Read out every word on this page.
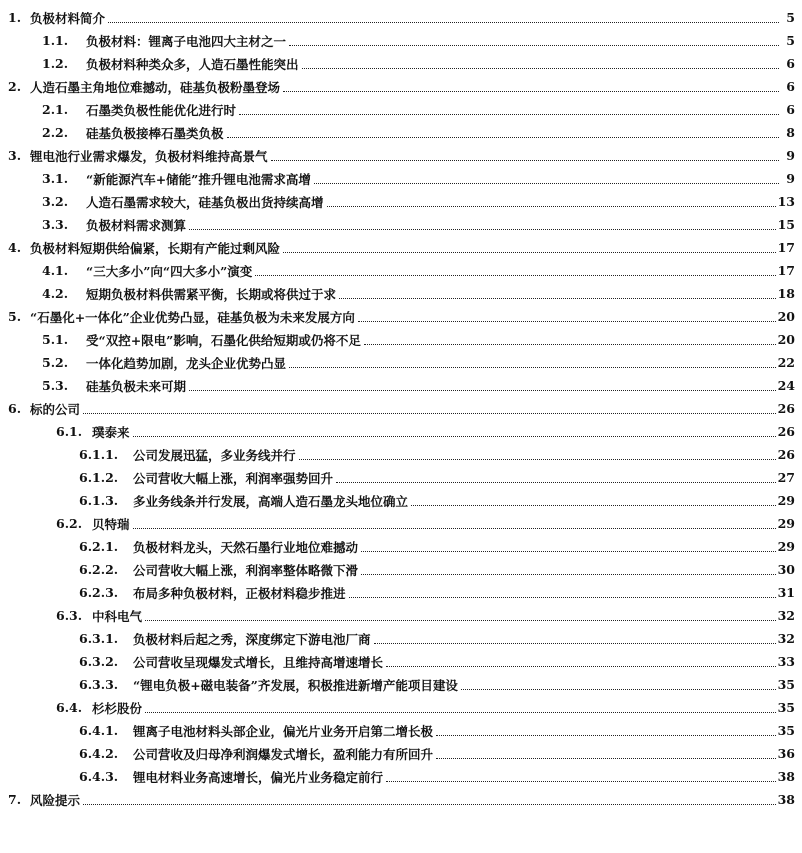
1. 负极材料简介	5
1.1.	负极材料：锂离子电池四大主材之一	5
1.2.	负极材料种类众多，人造石墨性能突出	6
2. 人造石墨主角地位难撼动，硅基负极粉墨登场	6
2.1.	石墨类负极性能优化进行时	6
2.2.	硅基负极接棒石墨类负极	8
3. 锂电池行业需求爆发，负极材料维持高景气	9
3.1.	“新能源汽车+储能”推升锂电池需求高增	9
3.2.	人造石墨需求较大，硅基负极出货持续高增	13
3.3.	负极材料需求测算	15
4. 负极材料短期供给偏紧，长期有产能过剩风险	17
4.1.	“三大多小”向“四大多小”演变	17
4.2.	短期负极材料供需紧平衡，长期或将供过于求	18
5. “石墨化+一体化”企业优势凸显，硅基负极为未来发展方向	20
5.1.	受“双控+限电”影响，石墨化供给短期或仍将不足	20
5.2.	一体化趋势加剧，龙头企业优势凸显	22
5.3.	硅基负极未来可期	24
6. 标的公司	26
6.1. 璞泰来	26
6.1.1.	公司发展迅猛，多业务线并行	26
6.1.2.	公司营收大幅上涨，利润率强势回升	27
6.1.3.	多业务线条并行发展，高端人造石墨龙头地位确立	29
6.2. 贝特瑞	29
6.2.1.	负极材料龙头，天然石墨行业地位难撼动	29
6.2.2.	公司营收大幅上涨，利润率整体略微下滑	30
6.2.3.	布局多种负极材料，正极材料稳步推进	31
6.3. 中科电气	32
6.3.1.	负极材料后起之秀，深度绑定下游电池厂商	32
6.3.2.	公司营收呈现爆发式增长，且维持高增速增长	33
6.3.3.	“锂电负极+磁电装备”齐发展，积极推进新增产能项目建设	35
6.4. 杉杉股份	35
6.4.1.	锂离子电池材料头部企业，偏光片业务开启第二增长极	35
6.4.2.	公司营收及归母净利润爆发式增长，盈利能力有所回升	36
6.4.3.	锂电材料业务高速增长，偏光片业务稳定前行	38
7. 风险提示	38
